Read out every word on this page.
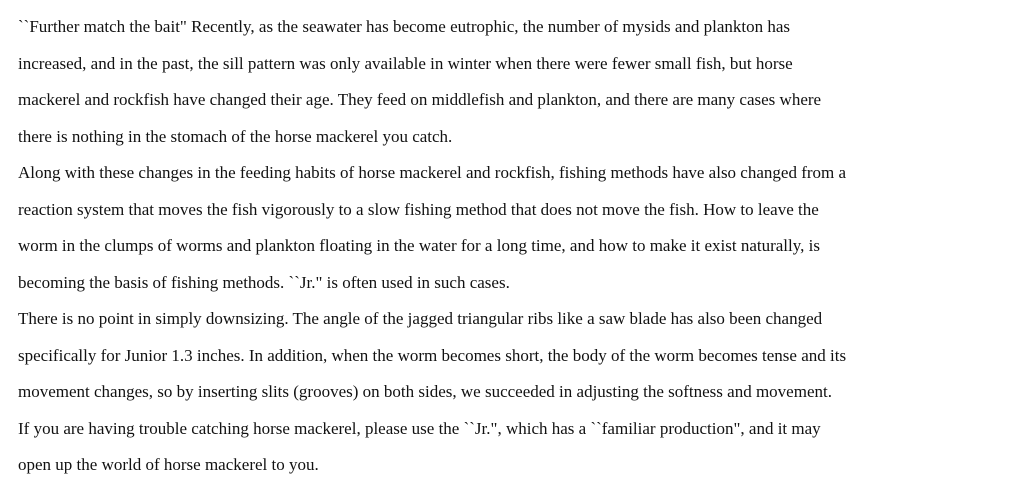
``Further match the bait" Recently, as the seawater has become eutrophic, the number of mysids and plankton has
increased, and in the past, the sill pattern was only available in winter when there were fewer small fish, but horse
mackerel and rockfish have changed their age. They feed on middlefish and plankton, and there are many cases where
there is nothing in the stomach of the horse mackerel you catch.

Along with these changes in the feeding habits of horse mackerel and rockfish, fishing methods have also changed from a
reaction system that moves the fish vigorously to a slow fishing method that does not move the fish. How to leave the
worm in the clumps of worms and plankton floating in the water for a long time, and how to make it exist naturally, is
becoming the basis of fishing methods. ``Jr." is often used in such cases.

There is no point in simply downsizing. The angle of the jagged triangular ribs like a saw blade has also been changed
specifically for Junior 1.3 inches. In addition, when the worm becomes short, the body of the worm becomes tense and its
movement changes, so by inserting slits (grooves) on both sides, we succeeded in adjusting the softness and movement.

If you are having trouble catching horse mackerel, please use the ``Jr.", which has a ``familiar production", and it may
open up the world of horse mackerel to you.
